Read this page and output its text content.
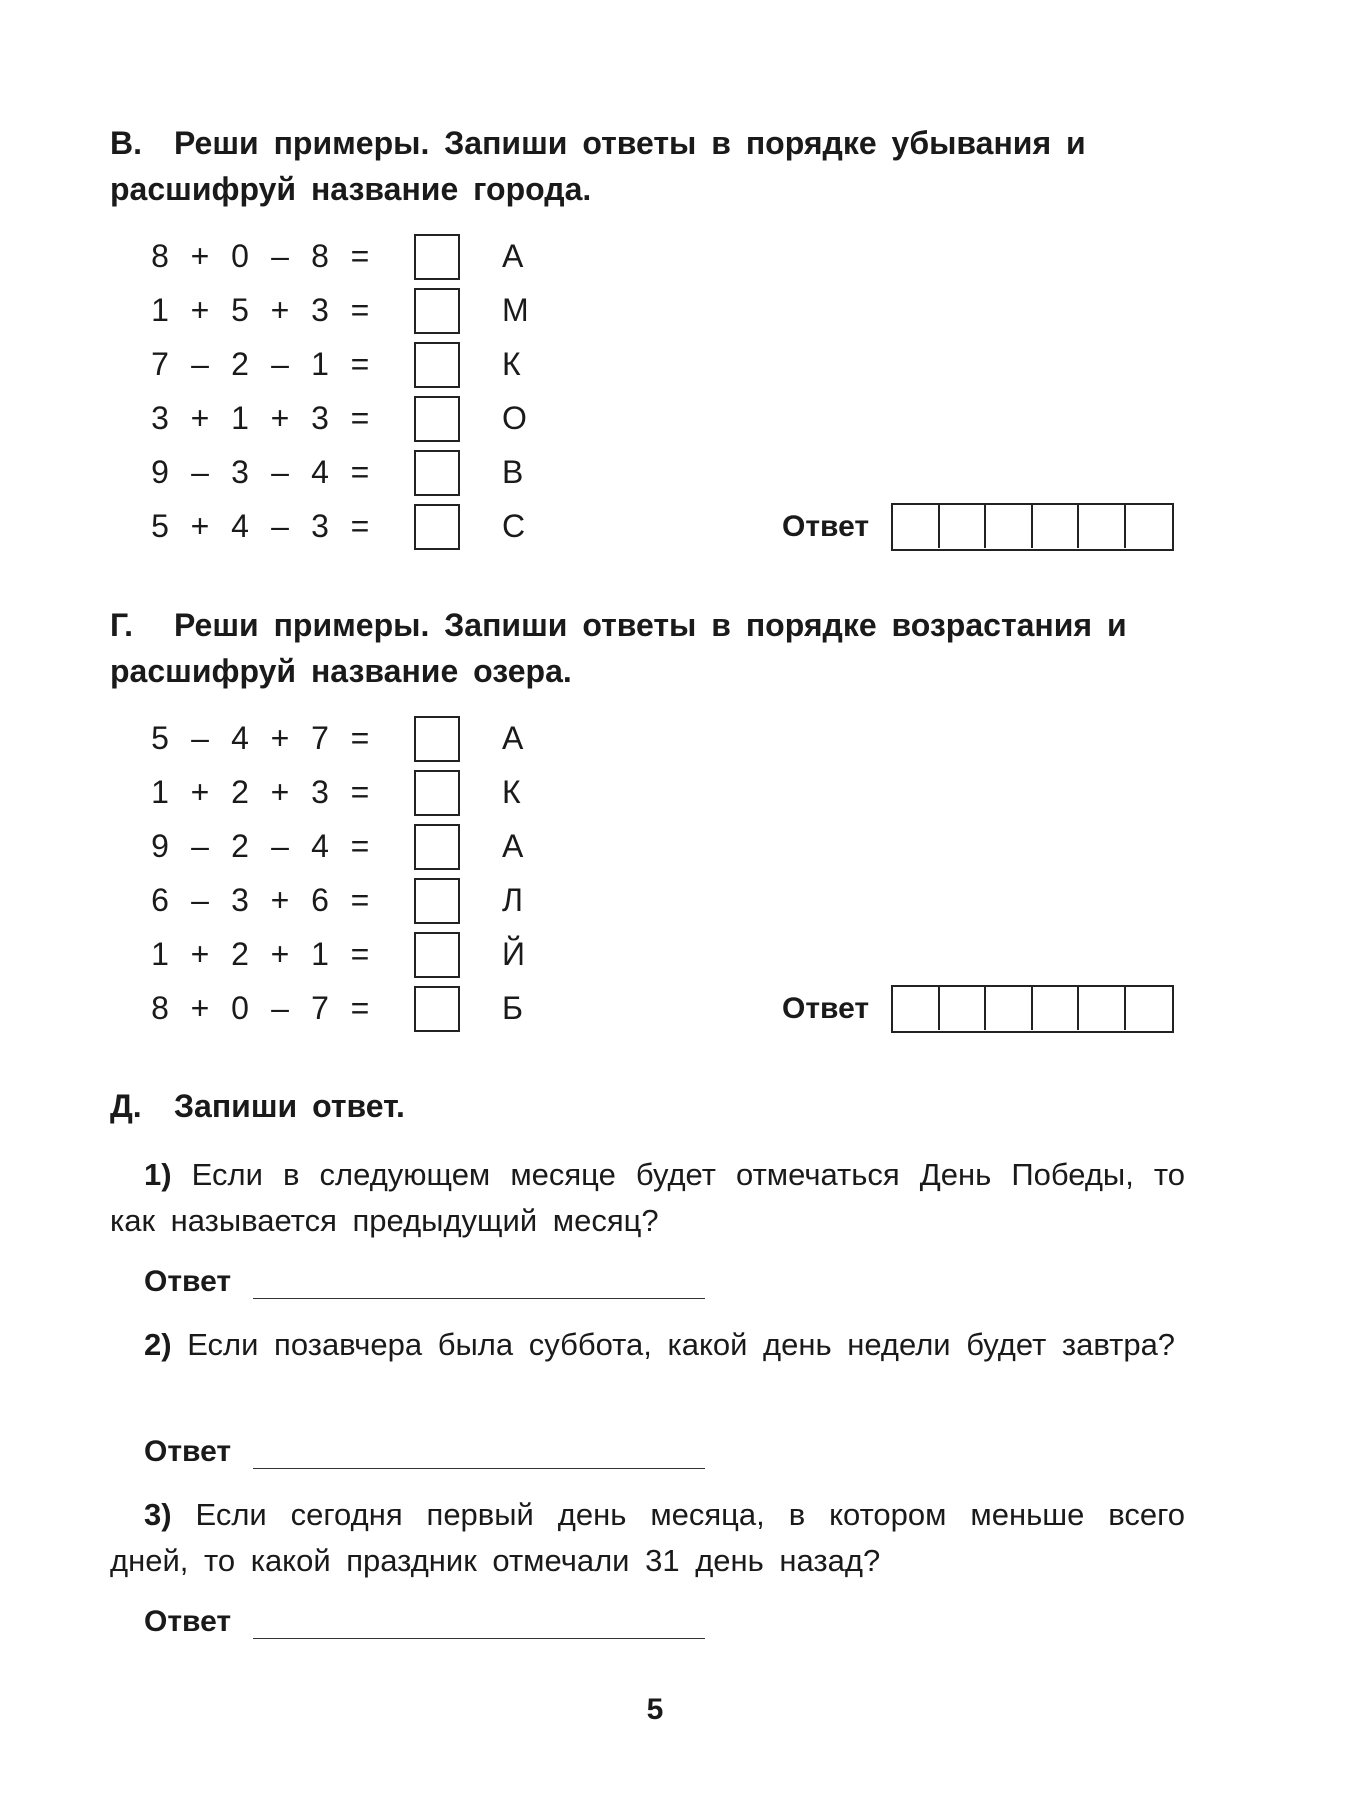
В. Реши примеры. Запиши ответы в порядке убывания и
расшифруй название города.
8 + 0 – 8 =	А
1 + 5 + 3 =	М
7 – 2 – 1 =	К
3 + 1 + 3 =	О
9 – 3 – 4 =	В
5 + 4 – 3 =	С	Ответ
Г. Реши примеры. Запиши ответы в порядке возрастания и
расшифруй название озера.
5 – 4 + 7 =	А
1 + 2 + 3 =	К
9 – 2 – 4 =	А
6 – 3 + 6 =	Л
1 + 2 + 1 =	Й
8 + 0 – 7 =	Б	Ответ
Д. Запиши ответ.
1) Если в следующем месяце будет отмечаться День Победы, то как называется предыдущий месяц?
Ответ
2) Если позавчера была суббота, какой день недели будет завтра?
Ответ
3) Если сегодня первый день месяца, в котором меньше всего дней, то какой праздник отмечали 31 день назад?
Ответ
5
